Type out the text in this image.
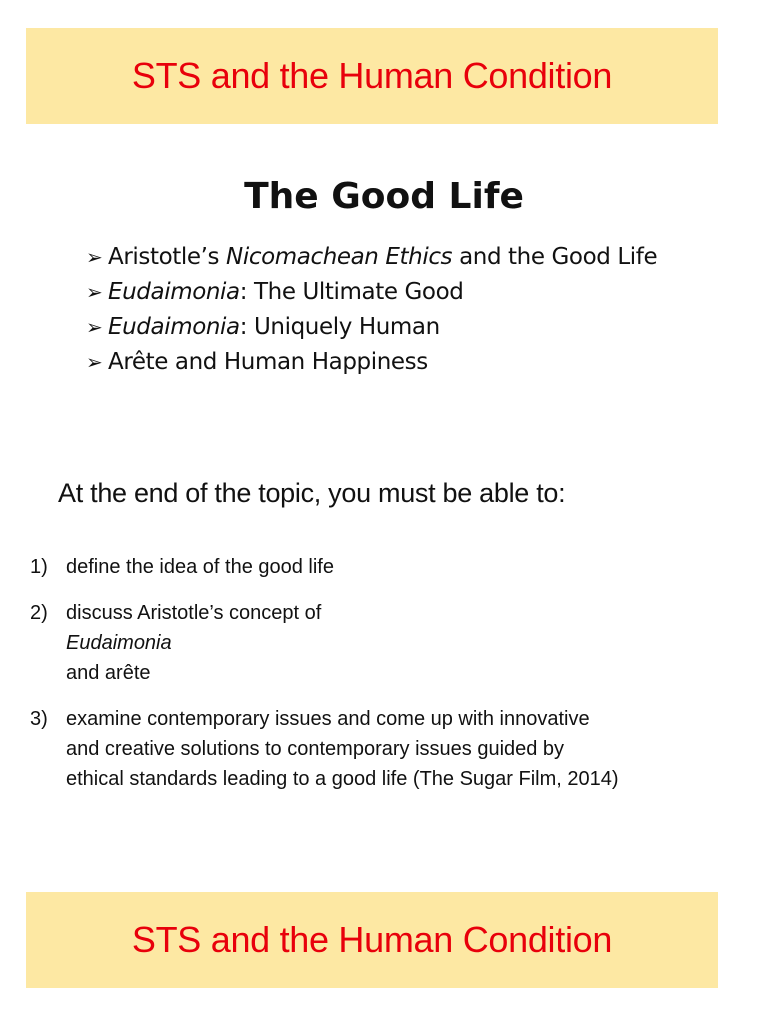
STS and the Human Condition
The Good Life
➢ Aristotle’s Nicomachean Ethics and the Good Life
➢ Eudaimonia: The Ultimate Good
➢ Eudaimonia: Uniquely Human
➢ Arête and Human Happiness
At the end of the topic, you must be able to:
1) define the idea of the good life
2) discuss Aristotle’s concept of
Eudaimonia
and arête
3) examine contemporary issues and come up with innovative
and creative solutions to contemporary issues guided by
ethical standards leading to a good life (The Sugar Film, 2014)
STS and the Human Condition
